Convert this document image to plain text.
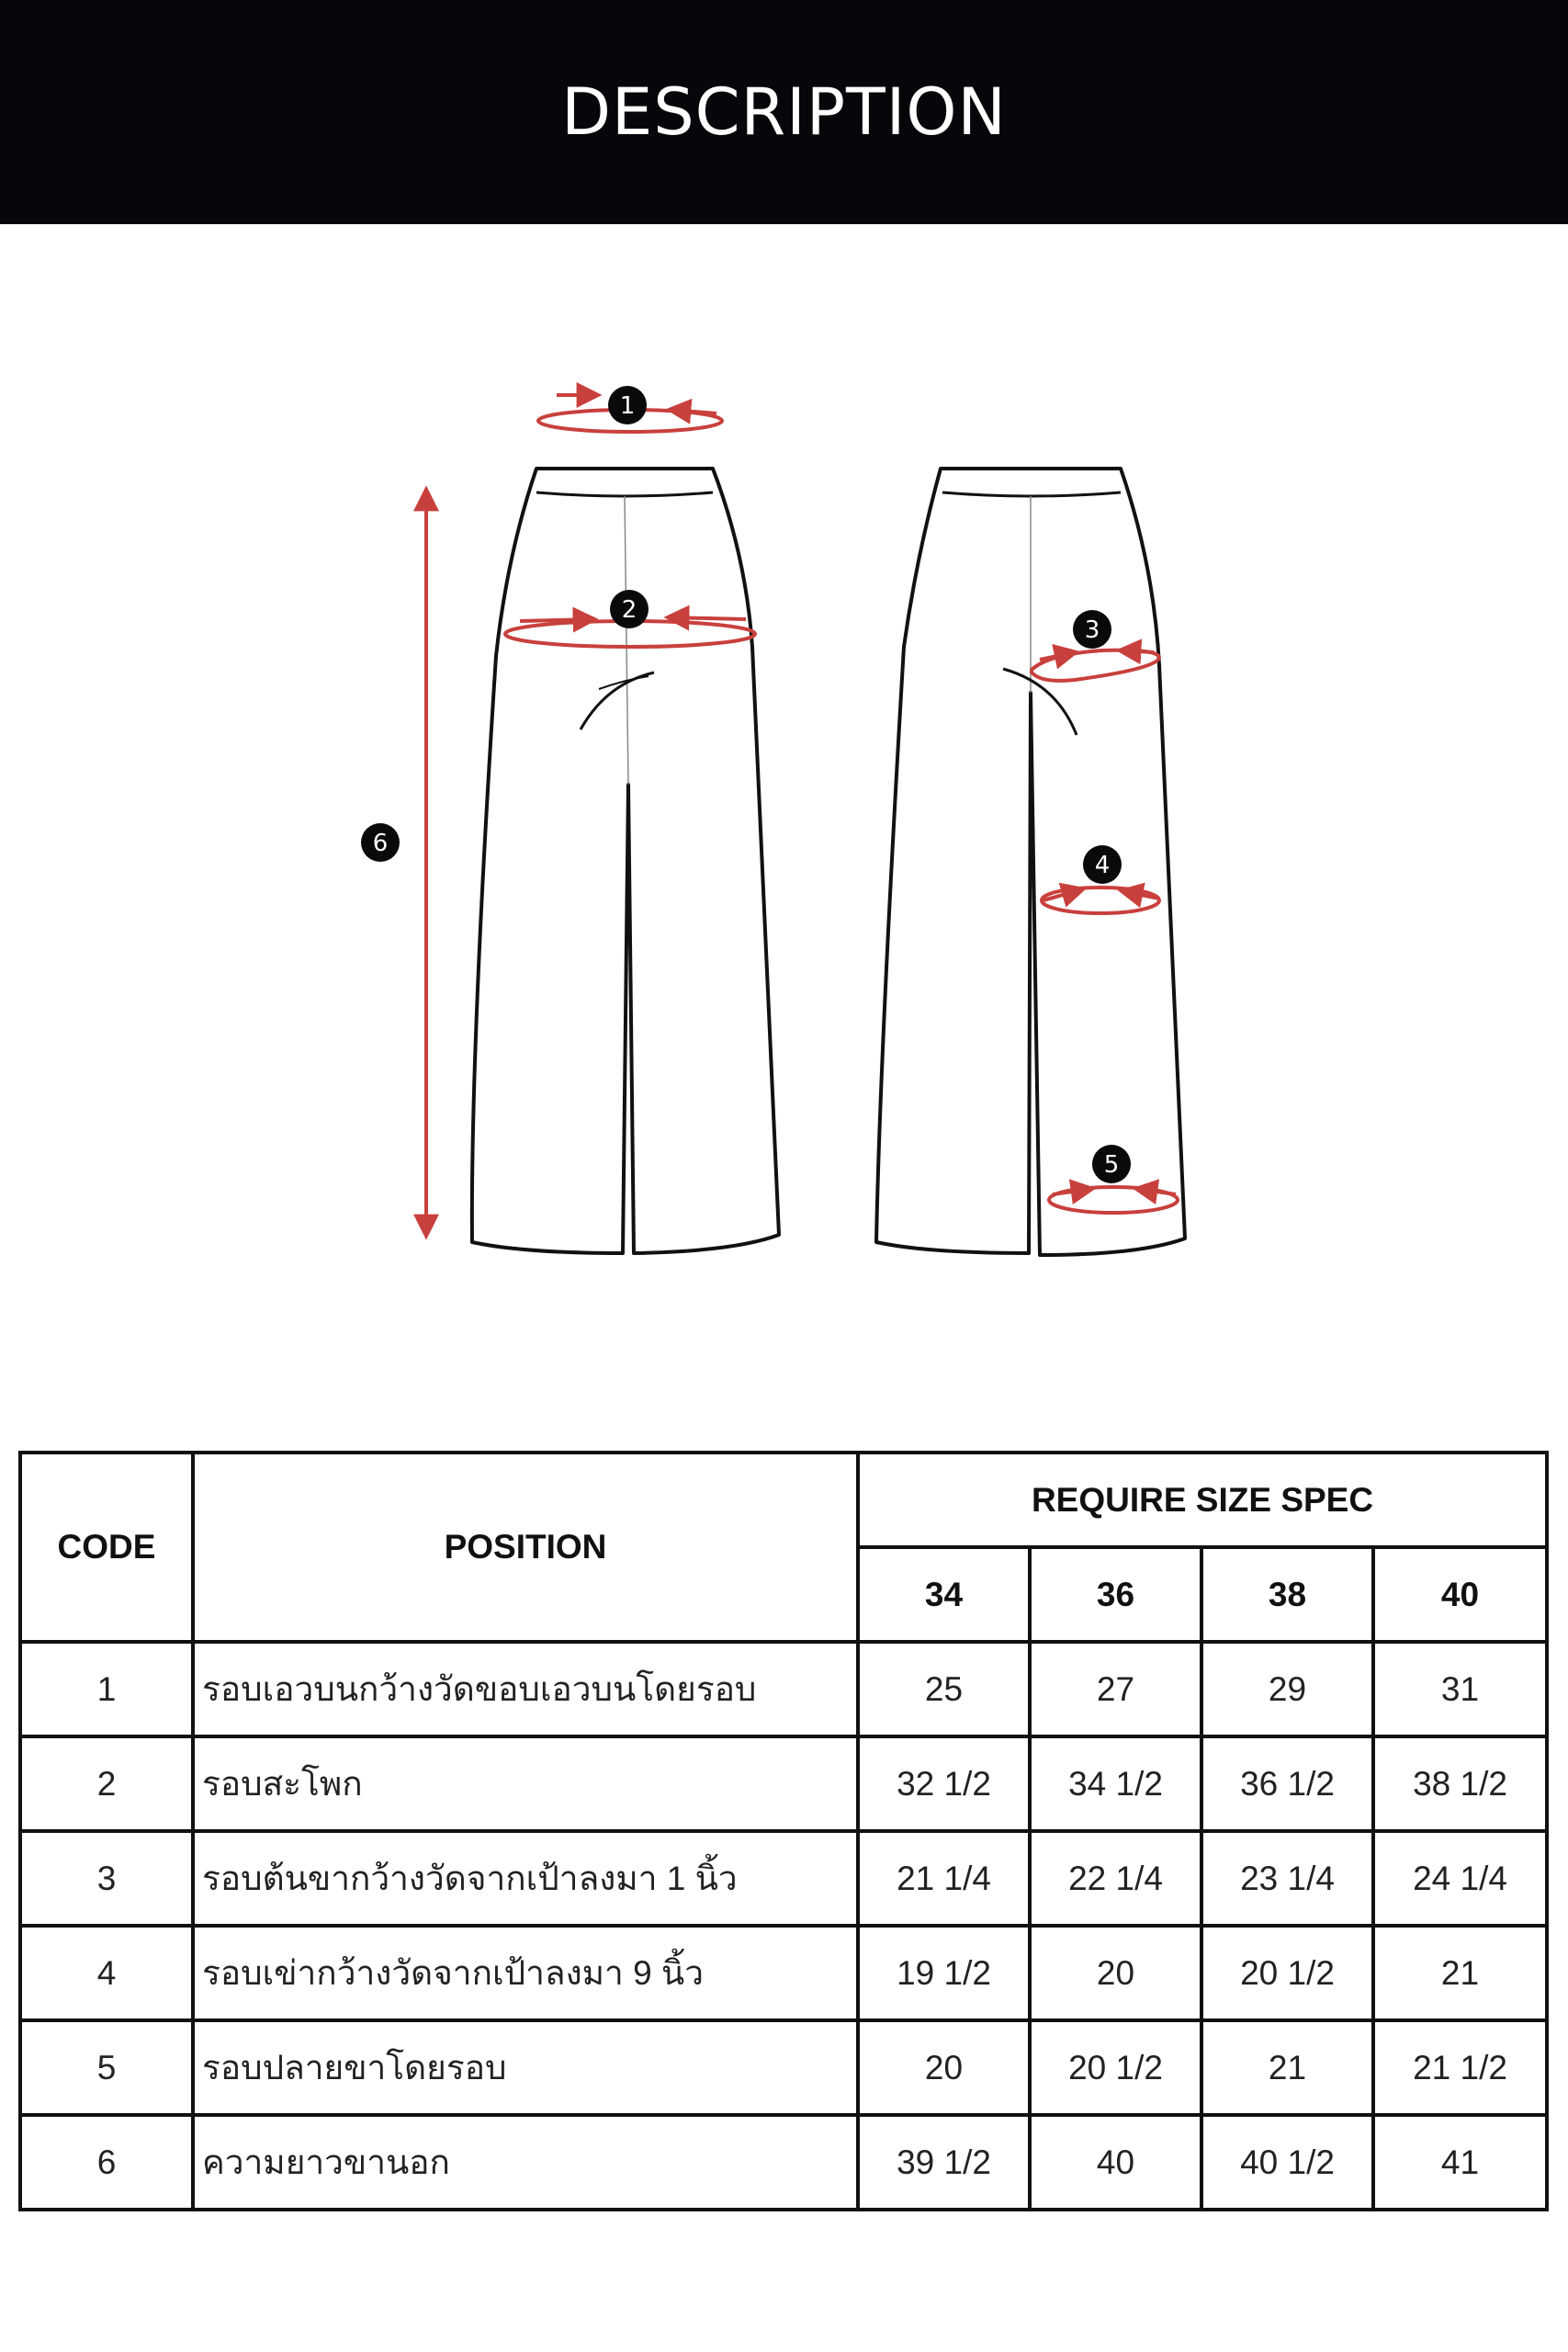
DESCRIPTION
1
2
3
4
5
6
CODE	POSITION	REQUIRE SIZE SPEC			
		34	36	38	40
1	รอบเอวบนกว้างวัดขอบเอวบนโดยรอบ	25	27	29	31
2	รอบสะโพก	32 1/2	34 1/2	36 1/2	38 1/2
3	รอบต้นขากว้างวัดจากเป้าลงมา 1 นิ้ว	21 1/4	22 1/4	23 1/4	24 1/4
4	รอบเข่ากว้างวัดจากเป้าลงมา 9 นิ้ว	19 1/2	20	20 1/2	21
5	รอบปลายขาโดยรอบ	20	20 1/2	21	21 1/2
6	ความยาวขานอก	39 1/2	40	40 1/2	41
